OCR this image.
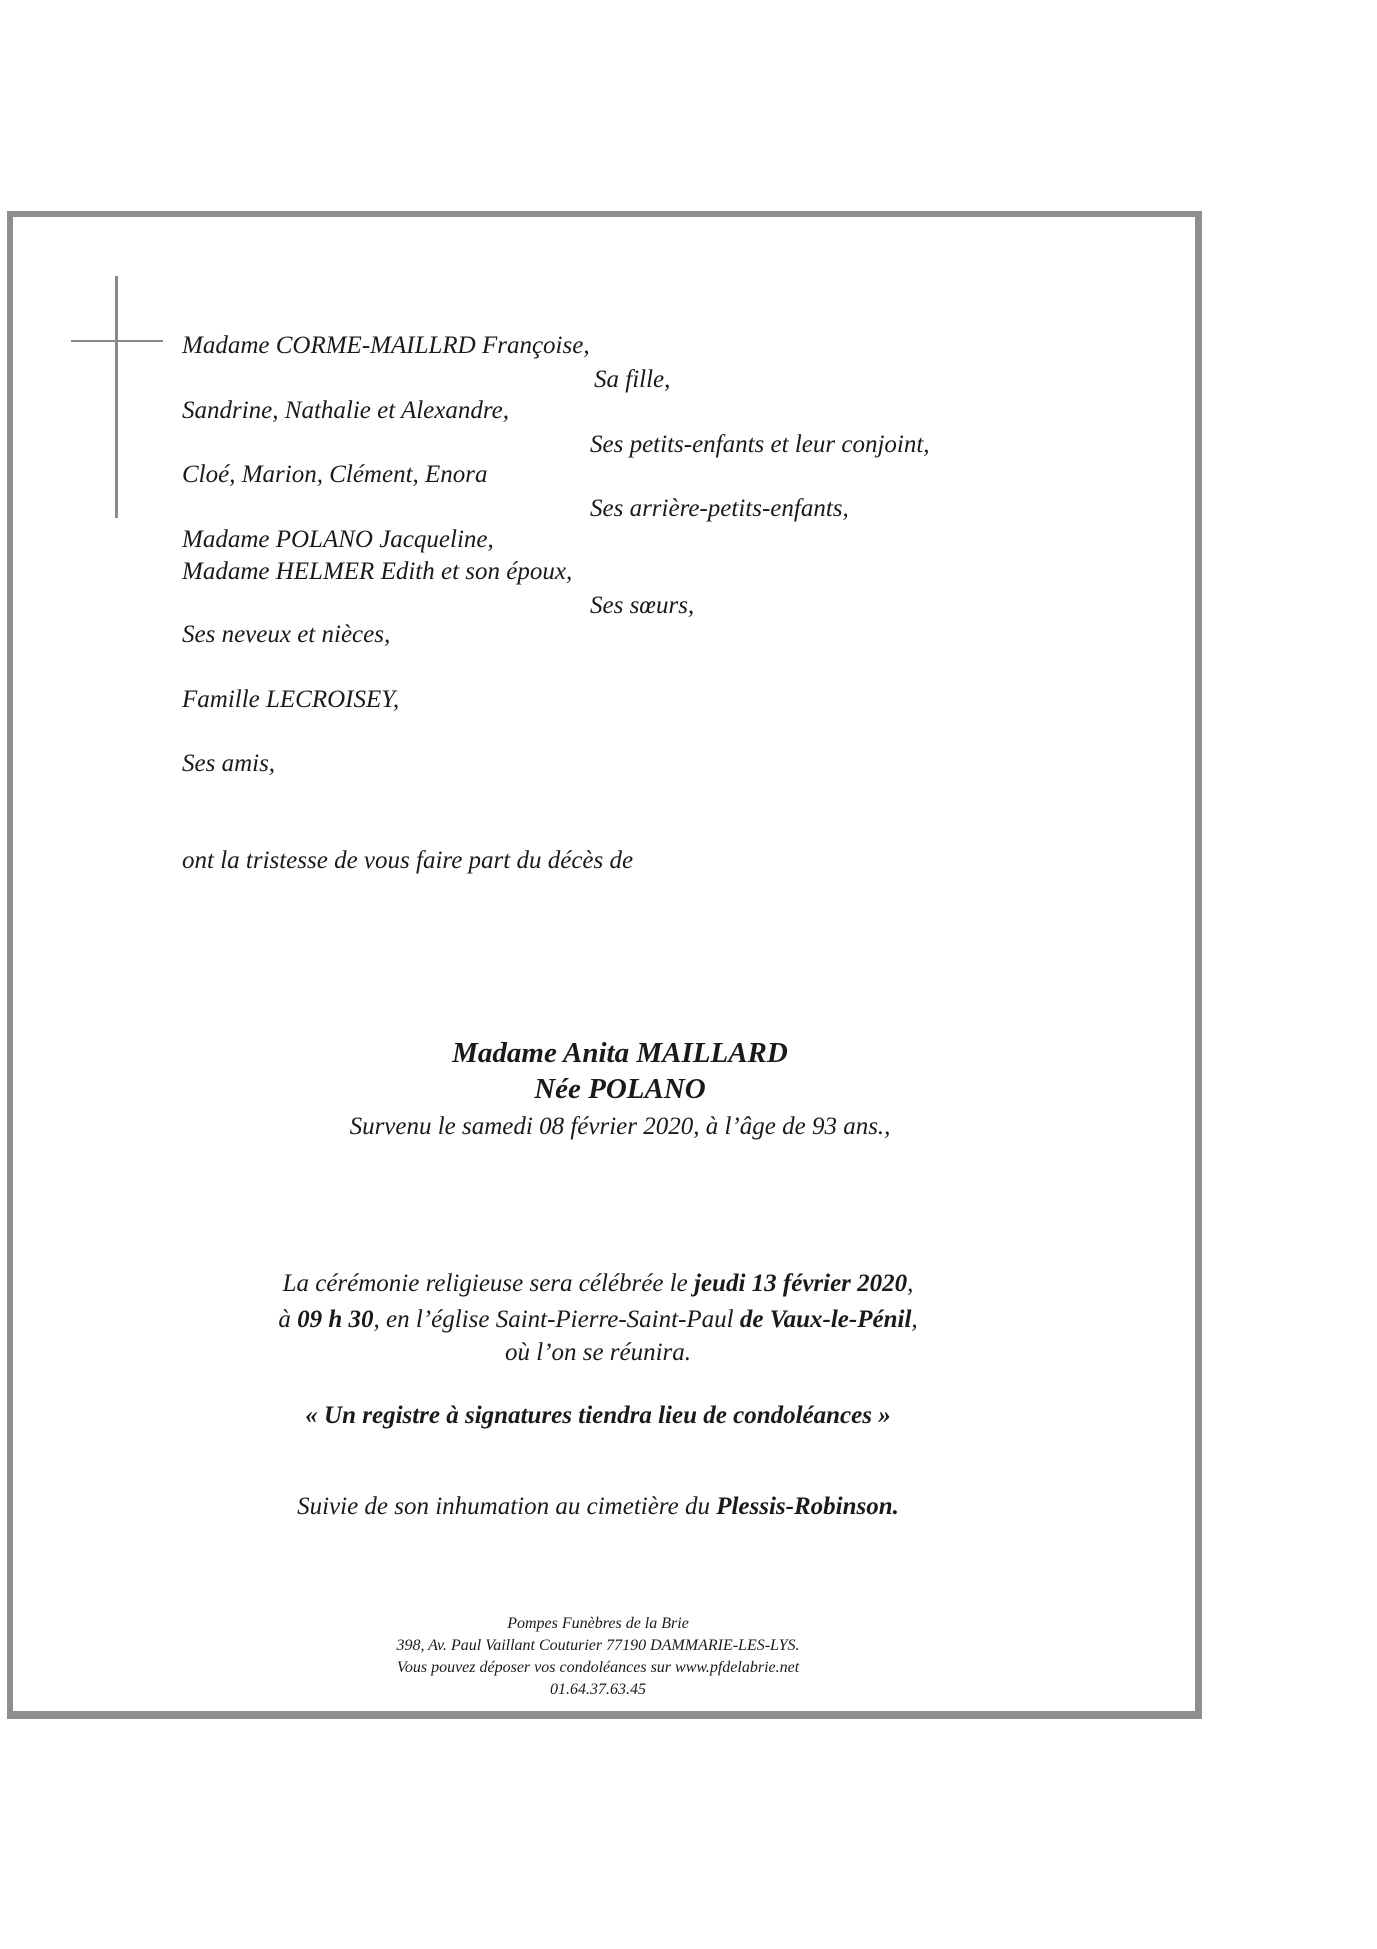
Madame CORME-MAILLRD Françoise,
Sa fille,
Sandrine, Nathalie et Alexandre,
Ses petits-enfants et leur conjoint,
Cloé, Marion, Clément, Enora
Ses arrière-petits-enfants,
Madame POLANO Jacqueline,
Madame HELMER Edith et son époux,
Ses sœurs,
Ses neveux et nièces,
Famille LECROISEY,
Ses amis,
ont la tristesse de vous faire part du décès de
Madame Anita MAILLARD
Née POLANO
Survenu le samedi 08 février 2020, à l’âge de 93 ans.,
La cérémonie religieuse sera célébrée le jeudi 13 février 2020,
à 09 h 30, en l’église Saint-Pierre-Saint-Paul de Vaux-le-Pénil,
où l’on se réunira.
« Un registre à signatures tiendra lieu de condoléances »
Suivie de son inhumation au cimetière du Plessis-Robinson.
Pompes Funèbres de la Brie
398, Av. Paul Vaillant Couturier 77190 DAMMARIE-LES-LYS.
Vous pouvez déposer vos condoléances sur www.pfdelabrie.net
01.64.37.63.45
